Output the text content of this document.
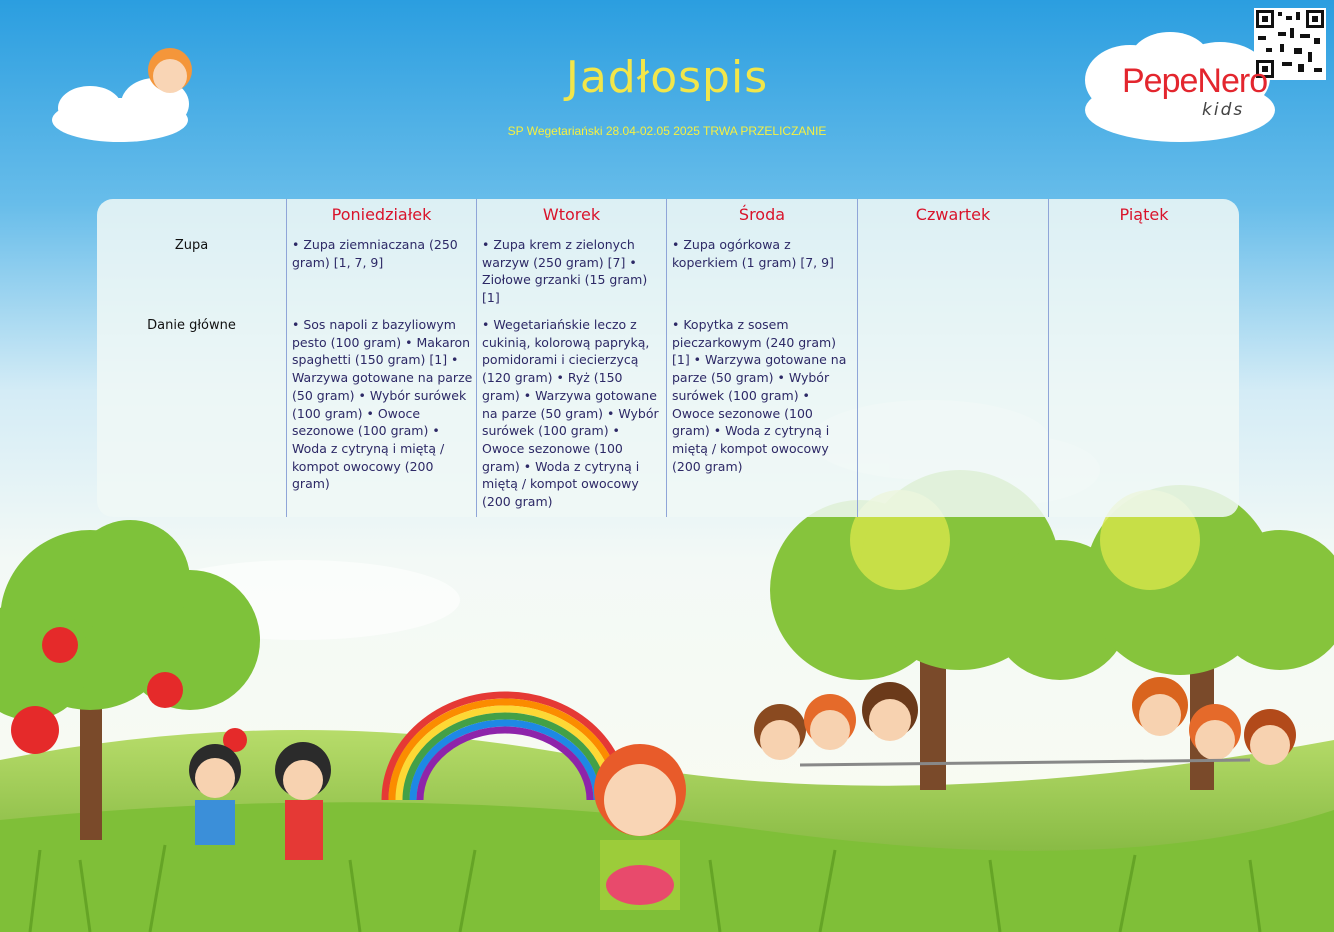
PepeNero
kids
Jadłospis
SP Wegetariański 28.04-02.05 2025 TRWA PRZELICZANIE
Zupa
Danie główne
Poniedziałek
• Zupa ziemniaczana (250 gram) [1, 7, 9]
• Sos napoli z bazyliowym pesto (100 gram) • Makaron spaghetti (150 gram) [1] • Warzywa gotowane na parze (50 gram) • Wybór surówek (100 gram) • Owoce sezonowe (100 gram) • Woda z cytryną i miętą / kompot owocowy (200 gram)
Wtorek
• Zupa krem z zielonych warzyw (250 gram) [7] • Ziołowe grzanki (15 gram) [1]
• Wegetariańskie leczo z cukinią, kolorową papryką, pomidorami i ciecierzycą (120 gram) • Ryż (150 gram) • Warzywa gotowane na parze (50 gram) • Wybór surówek (100 gram) • Owoce sezonowe (100 gram) • Woda z cytryną i miętą / kompot owocowy (200 gram)
Środa
• Zupa ogórkowa z koperkiem (1 gram) [7, 9]
• Kopytka z sosem pieczarkowym (240 gram) [1] • Warzywa gotowane na parze (50 gram) • Wybór surówek (100 gram) • Owoce sezonowe (100 gram) • Woda z cytryną i miętą / kompot owocowy (200 gram)
Czwartek	Piątek
